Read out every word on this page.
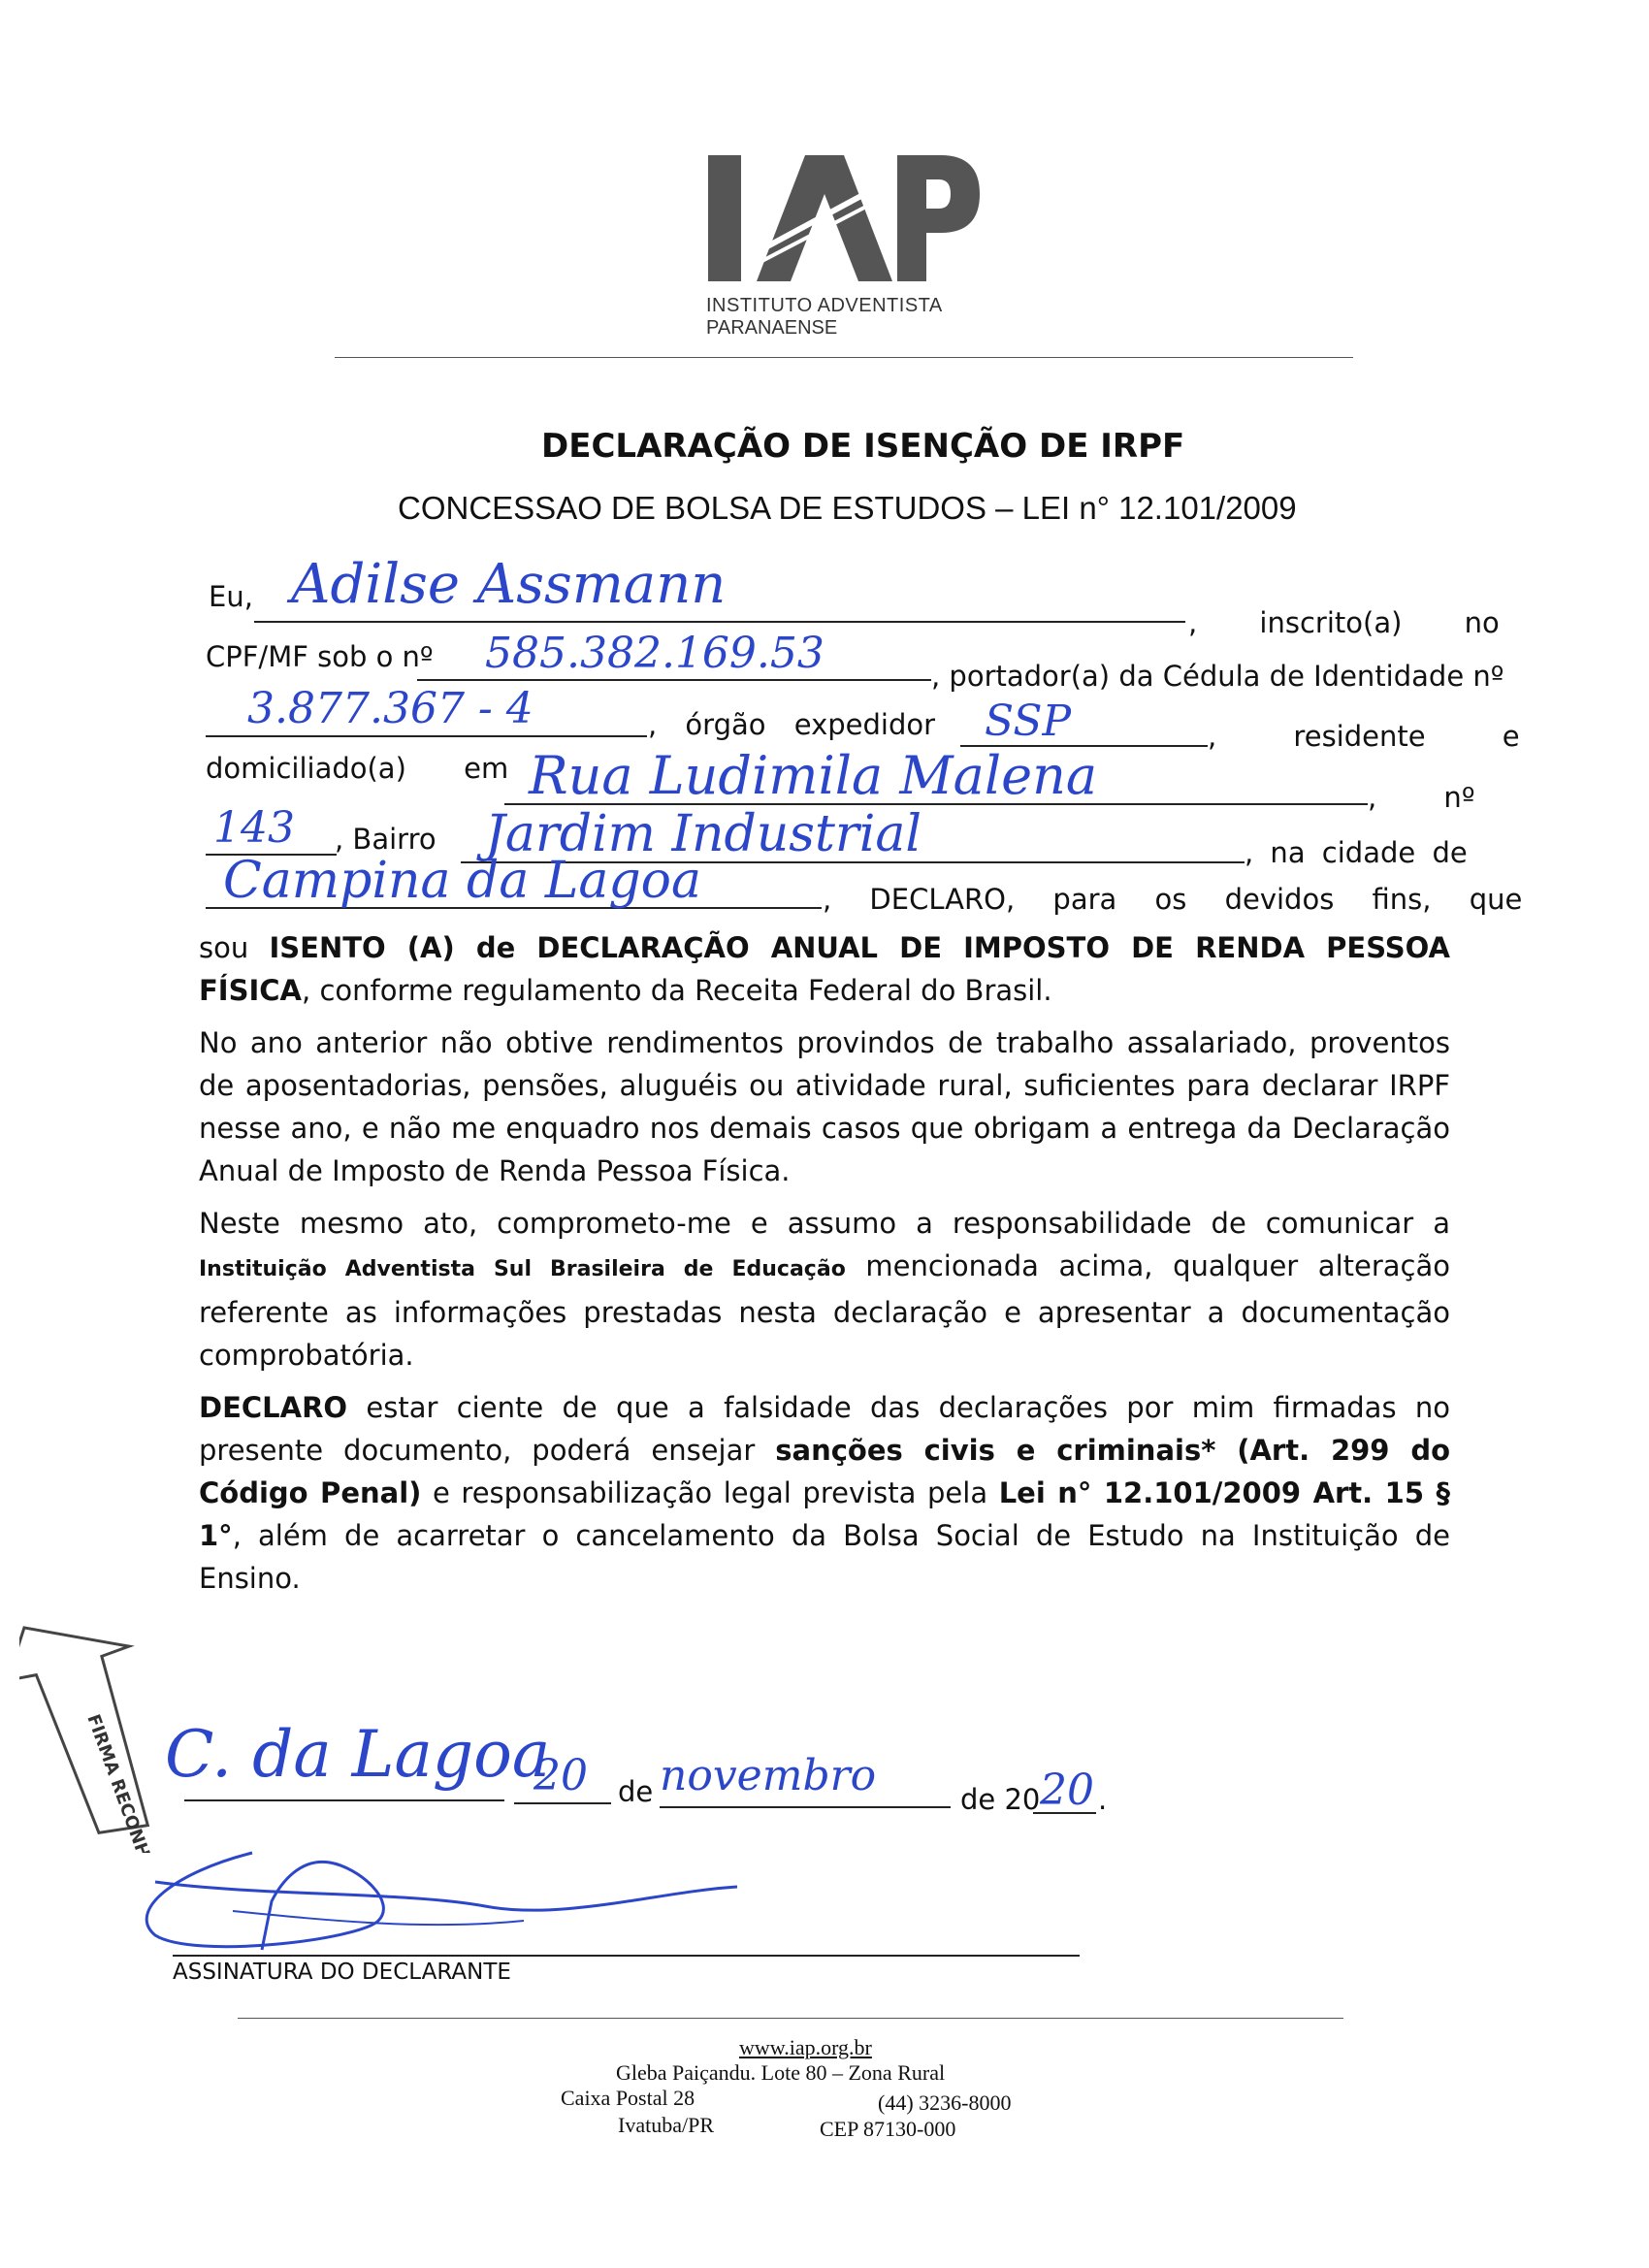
INSTITUTO ADVENTISTA
PARANAENSE
DECLARAÇÃO DE ISENÇÃO DE IRPF
CONCESSAO DE BOLSA DE ESTUDOS – LEI n° 12.101/2009
Eu, Adilse Assmann
, inscrito(a) no
CPF/MF sob o nº 585.382.169.53	, portador(a) da Cédula de Identidade nº
3.877.367 - 4	, órgão expedidor SSP	, residente e
domiciliado(a) em Rua Ludimila Malena	, nº
143 , Bairro Jardim Industrial	, na cidade de
Campina da Lagoa	, DECLARO, para os devidos fins, que

sou ISENTO (A) de DECLARAÇÃO ANUAL DE IMPOSTO DE RENDA PESSOA FÍSICA, conforme regulamento da Receita Federal do Brasil.

No ano anterior não obtive rendimentos provindos de trabalho assalariado, proventos de aposentadorias, pensões, aluguéis ou atividade rural, suficientes para declarar IRPF nesse ano, e não me enquadro nos demais casos que obrigam a entrega da Declaração Anual de Imposto de Renda Pessoa Física.

Neste mesmo ato, comprometo-me e assumo a responsabilidade de comunicar a Instituição Adventista Sul Brasileira de Educação mencionada acima, qualquer alteração referente as informações prestadas nesta declaração e apresentar a documentação comprobatória.

DECLARO estar ciente de que a falsidade das declarações por mim firmadas no presente documento, poderá ensejar sanções civis e criminais* (Art. 299 do Código Penal) e responsabilização legal prevista pela Lei n° 12.101/2009 Art. 15 § 1°, além de acarretar o cancelamento da Bolsa Social de Estudo na Instituição de Ensino.

C. da Lagoa
20 de novembro	de 20 20 .
ASSINATURA DO DECLARANTE
FIRMA RECONHECIDA
www.iap.org.br
Gleba Paiçandu. Lote 80 – Zona Rural
Caixa Postal 28	(44) 3236-8000
Ivatuba/PR	CEP 87130-000
